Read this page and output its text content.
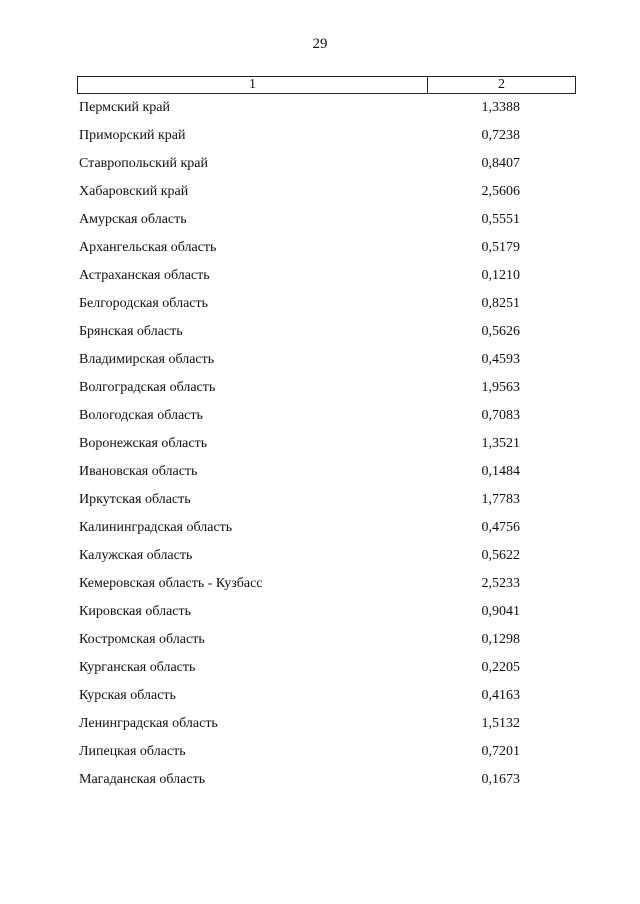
29
1	2
Пермский край	1,3388
Приморский край	0,7238
Ставропольский край	0,8407
Хабаровский край	2,5606
Амурская область	0,5551
Архангельская область	0,5179
Астраханская область	0,1210
Белгородская область	0,8251
Брянская область	0,5626
Владимирская область	0,4593
Волгоградская область	1,9563
Вологодская область	0,7083
Воронежская область	1,3521
Ивановская область	0,1484
Иркутская область	1,7783
Калининградская область	0,4756
Калужская область	0,5622
Кемеровская область - Кузбасс	2,5233
Кировская область	0,9041
Костромская область	0,1298
Курганская область	0,2205
Курская область	0,4163
Ленинградская область	1,5132
Липецкая область	0,7201
Магаданская область	0,1673
